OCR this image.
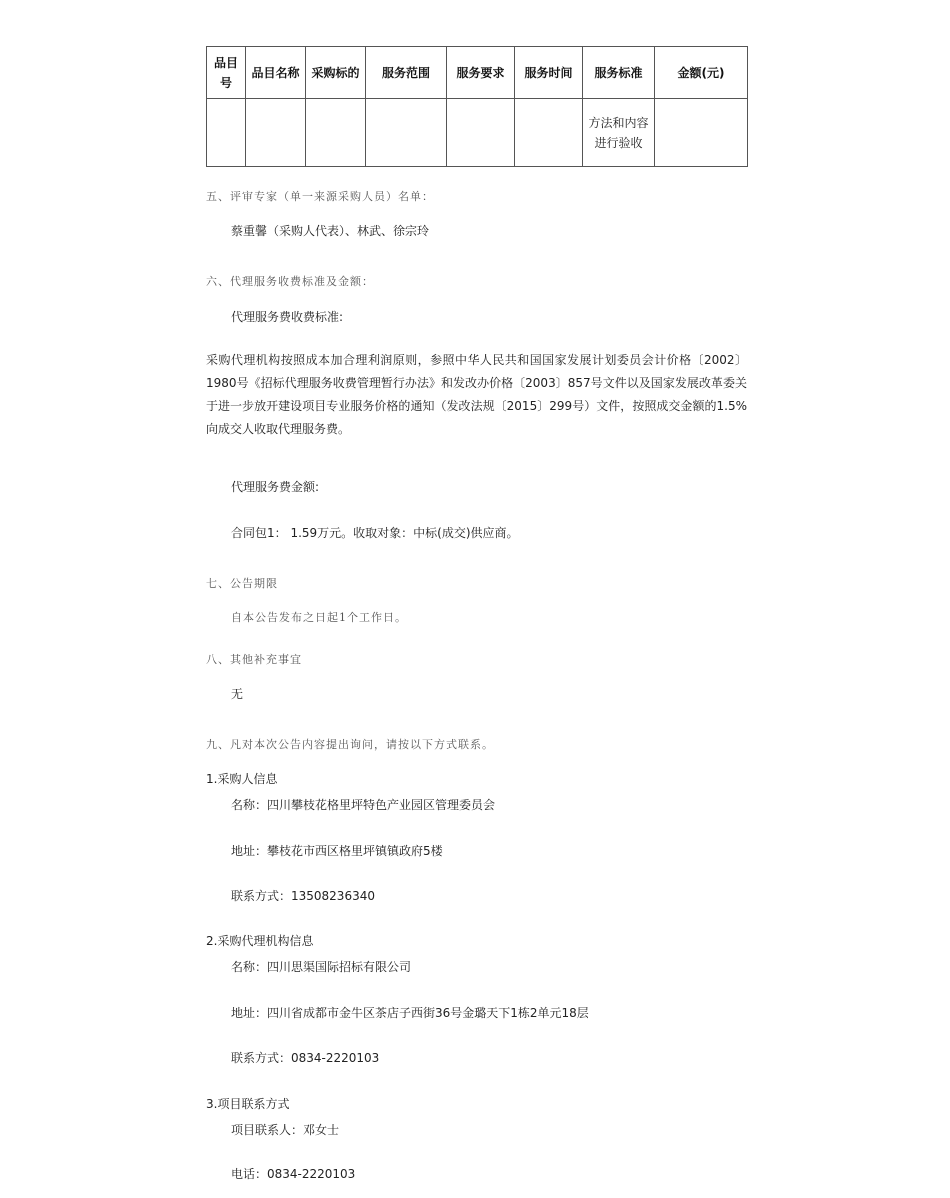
品目号	品目名称	采购标的	服务范围	服务要求	服务时间	服务标准	金额(元)
						方法和内容进行验收	
五、评审专家（单一来源采购人员）名单：
蔡重馨（采购人代表）、林武、徐宗玲
六、代理服务收费标准及金额：
代理服务费收费标准:
采购代理机构按照成本加合理利润原则，参照中华人民共和国国家发展计划委员会计价格〔2002〕1980号《招标代理服务收费管理暂行办法》和发改办价格〔2003〕857号文件以及国家发展改革委关于进一步放开建设项目专业服务价格的通知（发改法规〔2015〕299号）文件，按照成交金额的1.5%向成交人收取代理服务费。
代理服务费金额:
合同包1： 1.59万元。收取对象：中标(成交)供应商。
七、公告期限
自本公告发布之日起1个工作日。
八、其他补充事宜
无
九、凡对本次公告内容提出询问，请按以下方式联系。
1.采购人信息
名称：四川攀枝花格里坪特色产业园区管理委员会
地址：攀枝花市西区格里坪镇镇政府5楼
联系方式：13508236340
2.采购代理机构信息
名称：四川思渠国际招标有限公司
地址：四川省成都市金牛区茶店子西街36号金璐天下1栋2单元18层
联系方式：0834-2220103
3.项目联系方式
项目联系人：邓女士
电话：0834-2220103
